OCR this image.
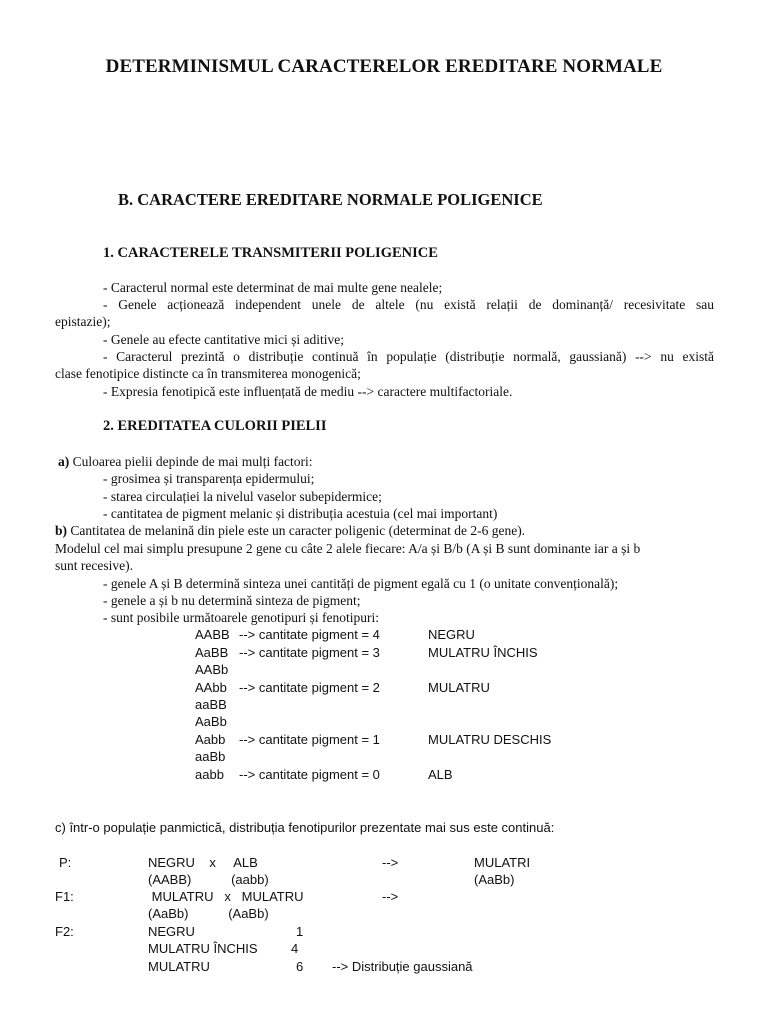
DETERMINISMUL CARACTERELOR EREDITARE NORMALE
B. CARACTERE EREDITARE NORMALE POLIGENICE
1. CARACTERELE TRANSMITERII POLIGENICE
- Caracterul normal este determinat de mai multe gene nealele;
- Genele acționează independent unele de altele (nu există relații de dominanță/ recesivitate sau
epistazie);
- Genele au efecte cantitative mici și aditive;
- Caracterul prezintă o distribuție continuă în populație (distribuție normală, gaussiană) --> nu există
clase fenotipice distincte ca în transmiterea monogenică;
- Expresia fenotipică este influențată de mediu --> caractere multifactoriale.
2. EREDITATEA CULORII PIELII
a) Culoarea pielii depinde de mai mulți factori:
- grosimea și transparența epidermului;
- starea circulației la nivelul vaselor subepidermice;
- cantitatea de pigment melanic și distribuția acestuia (cel mai important)
b) Cantitatea de melanină din piele este un caracter poligenic (determinat de 2-6 gene).
Modelul cel mai simplu presupune 2 gene cu câte 2 alele fiecare: A/a și B/b (A și B sunt dominante iar a și b
sunt recesive).
- genele A și B determină sinteza unei cantități de pigment egală cu 1 (o unitate convențională);
- genele a și b nu determină sinteza de pigment;
- sunt posibile următoarele genotipuri și fenotipuri:
AABB --> cantitate pigment = 4	NEGRU
AaBB --> cantitate pigment = 3	MULATRU ÎNCHIS
AABb
AAbb --> cantitate pigment = 2	MULATRU
aaBB
AaBb
Aabb --> cantitate pigment = 1	MULATRU DESCHIS
aaBb
aabb --> cantitate pigment = 0	ALB
c) într-o populație panmictică, distribuția fenotipurilor prezentate mai sus este continuă:
P:	NEGRU    x     ALB	-->	MULATRI
(AABB)           (aabb)	(AaBb)
F1:	MULATRU   x   MULATRU	-->
(AaBb)           (AaBb)
F2:	NEGRU	1
MULATRU ÎNCHIS	4
MULATRU	6 --> Distribuție gaussiană
